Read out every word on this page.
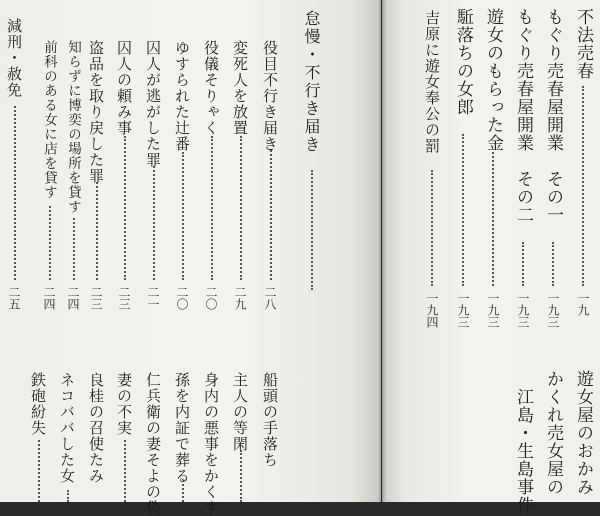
不法売春
一九
もぐり売春屋開業　その一
一九三
もぐり売春屋開業　その二
一九三
遊女のもらった金
一九三
駈落ちの女郎
一九三
吉原に遊女奉公の罰
一九四
遊女屋のおかみ
かくれ売女屋の
江島・生島事件
怠慢・不行き届き
役目不行き届き
二八
変死人を放置
二九
役儀そりゃく
二〇
ゆすられた辻番
二〇
囚人が逃がした罪
二一
囚人の頼み事
二三
盗品を取り戻した罪
二三
知らずに博奕の場所を貸す
二四
前科のある女に店を貸す
二四
減刑・赦免
二五
船頭の手落ち
主人の等閑
身内の悪事をかくす
孫を内証で葬る
仁兵衛の妻そよの偽
妻の不実
良桂の召使たみ
ネコババした女
鉄砲紛失
